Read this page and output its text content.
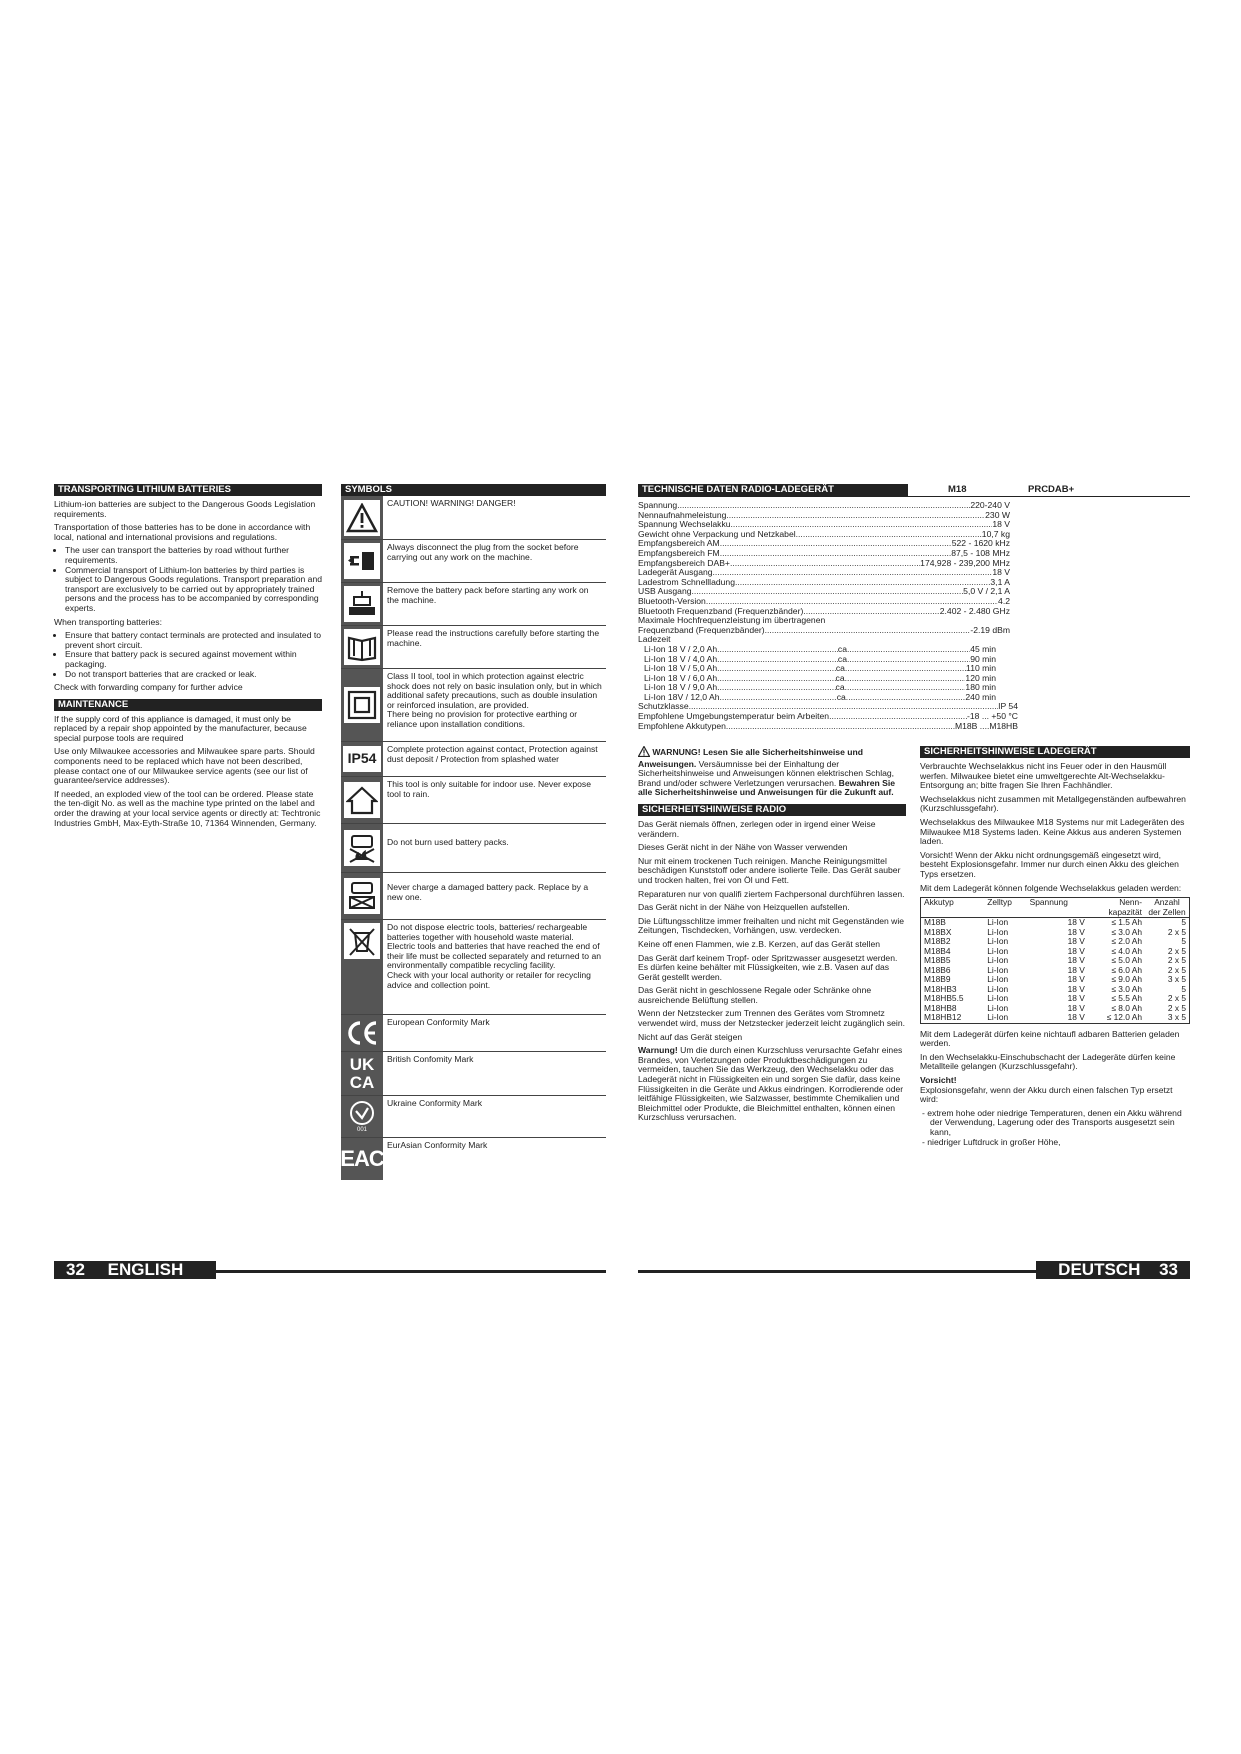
TRANSPORTING LITHIUM BATTERIES

Lithium-ion batteries are subject to the Dangerous Goods Legislation requirements.

Transportation of those batteries has to be done in accordance with local, national and international provisions and regulations.

• The user can transport the batteries by road without further requirements.
• Commercial transport of Lithium-Ion batteries by third parties is subject to Dangerous Goods regulations. Transport preparation and transport are exclusively to be carried out by appropriately trained persons and the process has to be accompanied by corresponding experts.

When transporting batteries:

• Ensure that battery contact terminals are protected and insulated to prevent short circuit.
• Ensure that battery pack is secured against movement within packaging.
• Do not transport batteries that are cracked or leak.

Check with forwarding company for further advice

MAINTENANCE

If the supply cord of this appliance is damaged, it must only be replaced by a repair shop appointed by the manufacturer, because special purpose tools are required

Use only Milwaukee accessories and Milwaukee spare parts. Should components need to be replaced which have not been described, please contact one of our Milwaukee service agents (see our list of guarantee/service addresses).

If needed, an exploded view of the tool can be ordered. Please state the ten-digit No. as well as the machine type printed on the label and order the drawing at your local service agents or directly at: Techtronic Industries GmbH, Max-Eyth-Straße 10, 71364 Winnenden, Germany.

SYMBOLS
CAUTION! WARNING! DANGER!
Always disconnect the plug from the socket before carrying out any work on the machine.
Remove the battery pack before starting any work on the machine.
Please read the instructions carefully before starting the machine.
Class II tool, tool in which protection against electric shock does not rely on basic insulation only, but in which additional safety precautions, such as double insulation or reinforced insulation, are provided.
There being no provision for protective earthing or reliance upon installation conditions.
IP54
Complete protection against contact, Protection against dust deposit / Protection from splashed water
This tool is only suitable for indoor use. Never expose tool to rain.
Do not burn used battery packs.
Never charge a damaged battery pack. Replace by a new one.
Do not dispose electric tools, batteries/ rechargeable batteries together with household waste material.
Electric tools and batteries that have reached the end of their life must be collected separately and returned to an environmentally compatible recycling facility.
Check with your local authority or retailer for recycling advice and collection point.
European Conformity Mark
UK
CA
British Confomity Mark
001
Ukraine Conformity Mark
EAC
EurAsian Conformity Mark
TECHNISCHE DATEN RADIO-LADEGERÄT	M18	PRCDAB+
Spannung .....	220-240 V
Nennaufnahmeleistung .....	230 W
Spannung Wechselakku .....	18 V
Gewicht ohne Verpackung und Netzkabel .....	10,7 kg
Empfangsbereich AM .....	522 - 1620 kHz
Empfangsbereich FM .....	87,5 - 108 MHz
Empfangsbereich DAB+ .....	174,928 - 239,200 MHz
Ladegerät Ausgang .....	18 V
Ladestrom Schnellladung .....	3,1 A
USB Ausgang .....	5,0 V / 2,1 A
Bluetooth-Version .....	4.2
Bluetooth Frequenzband (Frequenzbänder) .....	2.402 - 2.480 GHz
Maximale Hochfrequenzleistung im übertragenen
Frequenzband (Frequenzbänder) .....	-2.19 dBm
Ladezeit
Li-Ion 18 V / 2,0 Ah .....	ca. .....	45 min
Li-Ion 18 V / 4,0 Ah .....	ca. .....	90 min
Li-Ion 18 V / 5,0 Ah .....	ca. .....	110 min
Li-Ion 18 V / 6,0 Ah .....	ca. .....	120 min
Li-Ion 18 V / 9,0 Ah .....	ca. .....	180 min
Li-Ion 18V / 12,0 Ah .....	ca. .....	240 min
Schutzklasse .....	IP 54
Empfohlene Umgebungstemperatur beim Arbeiten .....	-18 ... +50 °C
Empfohlene Akkutypen .....	M18B ....M18HB

WARNUNG! Lesen Sie alle Sicherheitshinweise und Anweisungen. Versäumnisse bei der Einhaltung der Sicherheitshinweise und Anweisungen können elektrischen Schlag, Brand und/oder schwere Verletzungen verursachen. Bewahren Sie alle Sicherheitshinweise und Anweisungen für die Zukunft auf.

SICHERHEITSHINWEISE RADIO

Das Gerät niemals öffnen, zerlegen oder in irgend einer Weise verändern.

Dieses Gerät nicht in der Nähe von Wasser verwenden

Nur mit einem trockenen Tuch reinigen. Manche Reinigungsmittel beschädigen Kunststoff oder andere isolierte Teile. Das Gerät sauber und trocken halten, frei von Öl und Fett.

Reparaturen nur von qualifi ziertem Fachpersonal durchführen lassen.

Das Gerät nicht in der Nähe von Heizquellen aufstellen.

Die Lüftungsschlitze immer freihalten und nicht mit Gegenständen wie Zeitungen, Tischdecken, Vorhängen, usw. verdecken.

Keine off enen Flammen, wie z.B. Kerzen, auf das Gerät stellen

Das Gerät darf keinem Tropf- oder Spritzwasser ausgesetzt werden. Es dürfen keine behälter mit Flüssigkeiten, wie z.B. Vasen auf das Gerät gestellt werden.

Das Gerät nicht in geschlossene Regale oder Schränke ohne ausreichende Belüftung stellen.

Wenn der Netzstecker zum Trennen des Gerätes vom Stromnetz verwendet wird, muss der Netzstecker jederzeit leicht zugänglich sein.

Nicht auf das Gerät steigen

Warnung! Um die durch einen Kurzschluss verursachte Gefahr eines Brandes, von Verletzungen oder Produktbeschädigungen zu vermeiden, tauchen Sie das Werkzeug, den Wechselakku oder das Ladegerät nicht in Flüssigkeiten ein und sorgen Sie dafür, dass keine Flüssigkeiten in die Geräte und Akkus eindringen. Korrodierende oder leitfähige Flüssigkeiten, wie Salzwasser, bestimmte Chemikalien und Bleichmittel oder Produkte, die Bleichmittel enthalten, können einen Kurzschluss verursachen.

SICHERHEITSHINWEISE LADEGERÄT

Verbrauchte Wechselakkus nicht ins Feuer oder in den Hausmüll werfen. Milwaukee bietet eine umweltgerechte Alt-Wechselakku-Entsorgung an; bitte fragen Sie Ihren Fachhändler.

Wechselakkus nicht zusammen mit Metallgegenständen aufbewahren (Kurzschlussgefahr).

Wechselakkus des Milwaukee M18 Systems nur mit Ladegeräten des Milwaukee M18 Systems laden. Keine Akkus aus anderen Systemen laden.

Vorsicht! Wenn der Akku nicht ordnungsgemäß eingesetzt wird, besteht Explosionsgefahr. Immer nur durch einen Akku des gleichen Typs ersetzen.

Mit dem Ladegerät können folgende Wechselakkus geladen werden:

Akkutyp	Zelltyp	Spannung	Nenn-
kapazität	Anzahl der Zellen
M18B	Li-Ion	18 V	≤ 1.5 Ah	5
M18BX	Li-Ion	18 V	≤ 3.0 Ah	2 x 5
M18B2	Li-Ion	18 V	≤ 2.0 Ah	5
M18B4	Li-Ion	18 V	≤ 4.0 Ah	2 x 5
M18B5	Li-Ion	18 V	≤ 5.0 Ah	2 x 5
M18B6	Li-Ion	18 V	≤ 6.0 Ah	2 x 5
M18B9	Li-Ion	18 V	≤ 9.0 Ah	3 x 5
M18HB3	Li-Ion	18 V	≤ 3.0 Ah	5
M18HB5.5	Li-Ion	18 V	≤ 5.5 Ah	2 x 5
M18HB8	Li-Ion	18 V	≤ 8.0 Ah	2 x 5
M18HB12	Li-Ion	18 V	≤ 12.0 Ah	3 x 5

Mit dem Ladegerät dürfen keine nichtaufl adbaren Batterien geladen werden.

In den Wechselakku-Einschubschacht der Ladegeräte dürfen keine Metallteile gelangen (Kurzschlussgefahr).

Vorsicht!

Explosionsgefahr, wenn der Akku durch einen falschen Typ ersetzt wird:

- extrem hohe oder niedrige Temperaturen, denen ein Akku während der Verwendung, Lagerung oder des Transports ausgesetzt sein kann,
- niedriger Luftdruck in großer Höhe,
32 ENGLISH	DEUTSCH 33
